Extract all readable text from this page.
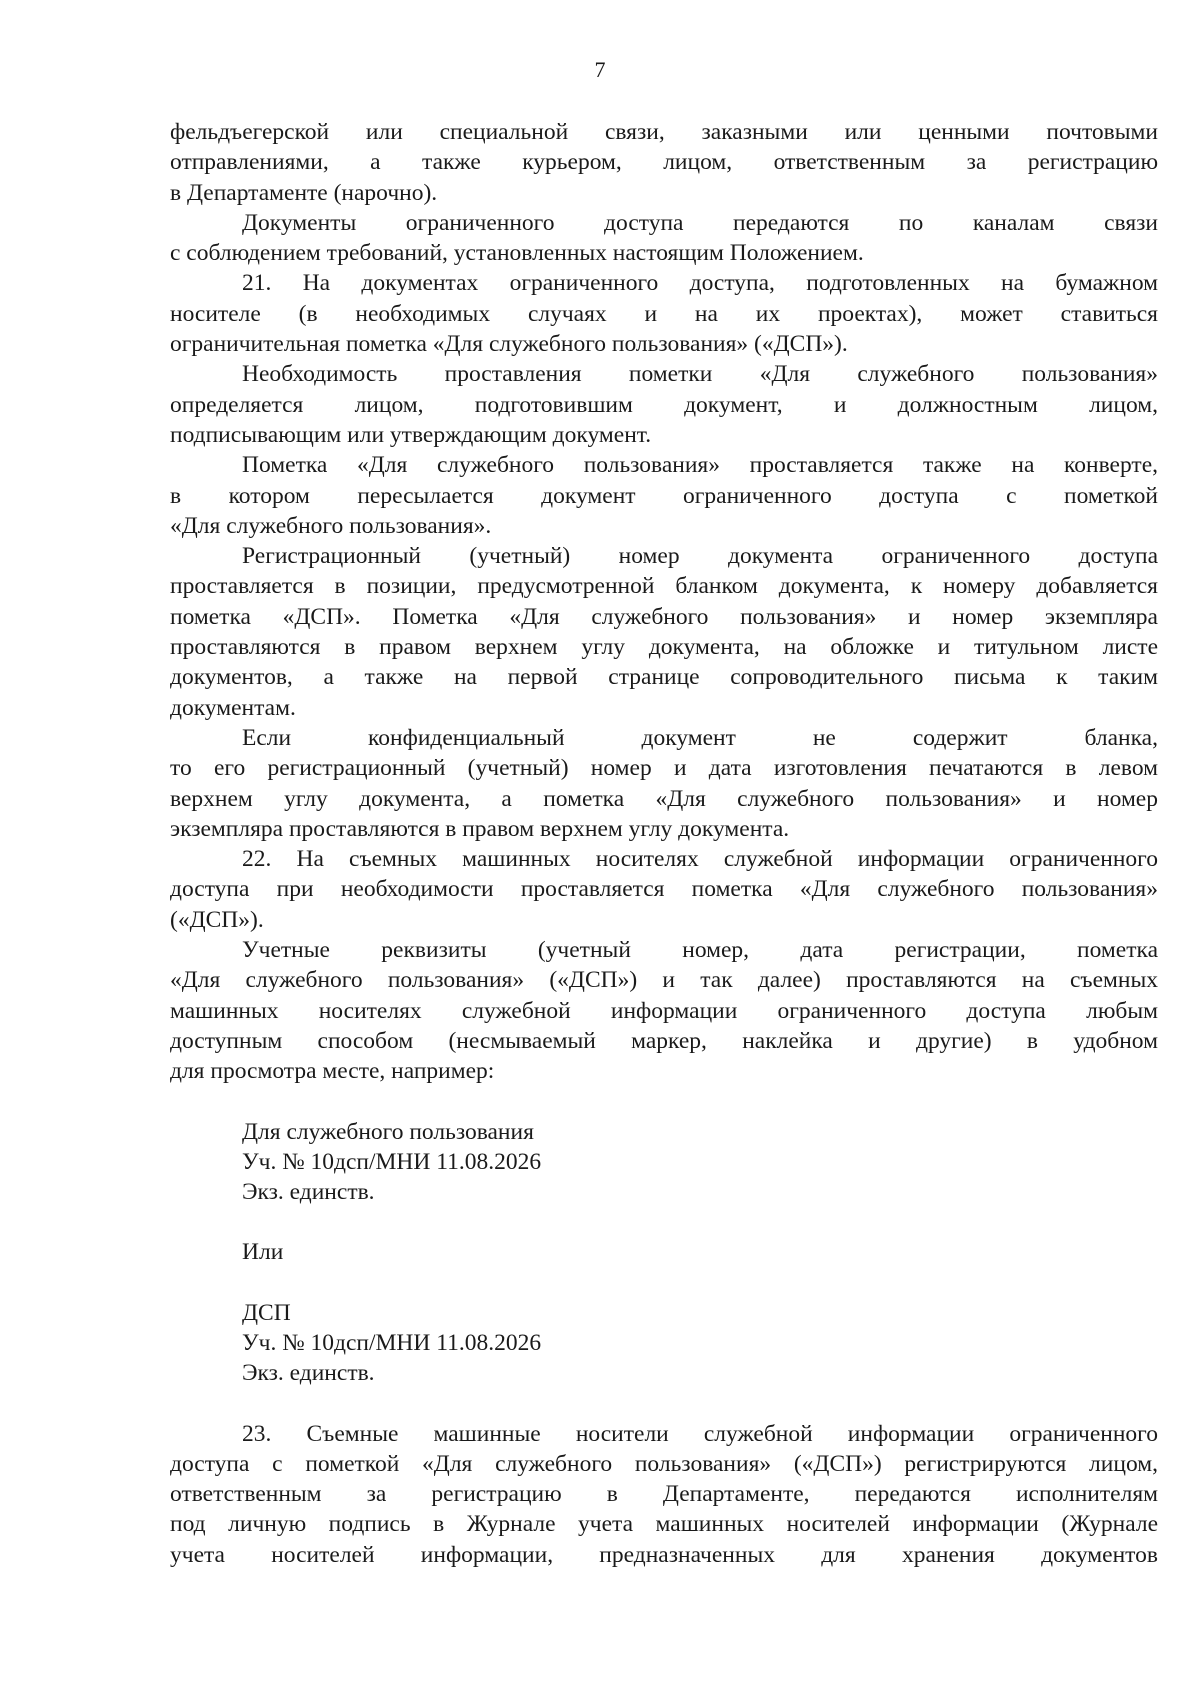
7
фельдъегерской или специальной связи, заказными или ценными почтовыми
отправлениями, а также курьером, лицом, ответственным за регистрацию
в Департаменте (нарочно).
Документы ограниченного доступа передаются по каналам связи
с соблюдением требований, установленных настоящим Положением.
21. На документах ограниченного доступа, подготовленных на бумажном
носителе (в необходимых случаях и на их проектах), может ставиться
ограничительная пометка «Для служебного пользования» («ДСП»).
Необходимость проставления пометки «Для служебного пользования»
определяется лицом, подготовившим документ, и должностным лицом,
подписывающим или утверждающим документ.
Пометка «Для служебного пользования» проставляется также на конверте,
в котором пересылается документ ограниченного доступа с пометкой
«Для служебного пользования».
Регистрационный (учетный) номер документа ограниченного доступа
проставляется в позиции, предусмотренной бланком документа, к номеру добавляется
пометка «ДСП». Пометка «Для служебного пользования» и номер экземпляра
проставляются в правом верхнем углу документа, на обложке и титульном листе
документов, а также на первой странице сопроводительного письма к таким
документам.
Если конфиденциальный документ не содержит бланка,
то его регистрационный (учетный) номер и дата изготовления печатаются в левом
верхнем углу документа, а пометка «Для служебного пользования» и номер
экземпляра проставляются в правом верхнем углу документа.
22. На съемных машинных носителях служебной информации ограниченного
доступа при необходимости проставляется пометка «Для служебного пользования»
(«ДСП»).
Учетные реквизиты (учетный номер, дата регистрации, пометка
«Для служебного пользования» («ДСП») и так далее) проставляются на съемных
машинных носителях служебной информации ограниченного доступа любым
доступным способом (несмываемый маркер, наклейка и другие) в удобном
для просмотра месте, например:
Для служебного пользования
Уч. № 10дсп/МНИ 11.08.2026
Экз. единств.
Или
ДСП
Уч. № 10дсп/МНИ 11.08.2026
Экз. единств.
23. Съемные машинные носители служебной информации ограниченного
доступа с пометкой «Для служебного пользования» («ДСП») регистрируются лицом,
ответственным за регистрацию в Департаменте, передаются исполнителям
под личную подпись в Журнале учета машинных носителей информации (Журнале
учета носителей информации, предназначенных для хранения документов
